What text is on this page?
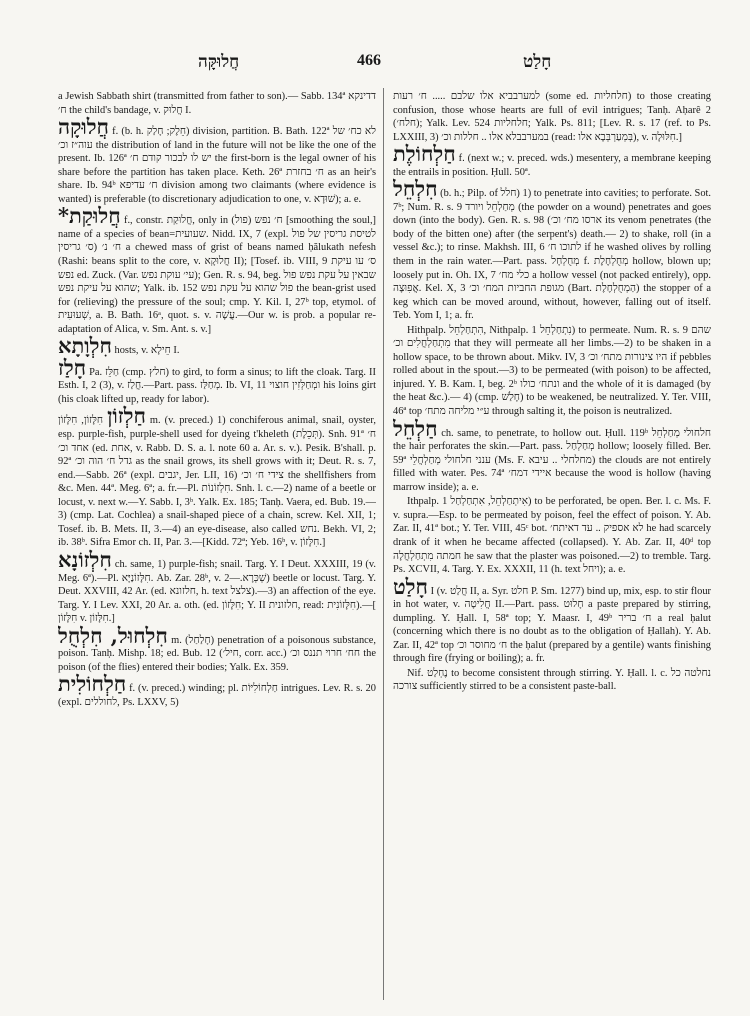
חֲלוּקָּה	466	חָלַט

a Jewish Sabbath shirt (transmitted from father to son).— Sabb. 134ª דדינקא ח׳ the child's bandage, v. חֲלוּק I.

חֲלוּקָה f. (b. h. חֵלֶק; חָלַק) division, partition. B. Bath. 122ª לא כח׳ של עוה״ז וכ׳ the distribution of land in the future will not be like the one of the present. Ib. 126ª יש לו לבכור קודם ח׳ the first-born is the legal owner of his share before the partition has taken place. Keth. 26ª ח׳ בחזרת as an heir's share. Ib. 94ᵇ ח׳ עדיפא division among two claimants (where evidence is wanted) is preferable (to discretionary adjudication to one, v. שׁוּדָא); a. e.

*חֲלוּקַת f., constr. חֲלוּקַת, only in ח׳ נפש (פול) [smoothing the soul,] name of a species of bean=שעועית. Nidd. IX, 7 (expl. לטיסת גריסין של פול ח׳ נ׳ (ס׳ גריסין a chewed mass of grist of beans named ḥălukath nefesh (Rashi: beans split to the core, v. חֲלוּקָא II); [Tosef. ib. VIII, 9 ס׳ עו עיקת נפש ed. Zuck. (Var. עי׳ עוקת נפש); Gen. R. s. 94, beg. שבאין על עקת נפש פול שהוא על עיקת נפש; Yalk. ib. 152 פול שהוא על עקת נפש the bean-grist used for (relieving) the pressure of the soul; cmp. Y. Kil. I, 27ᵇ top, etymol. of שְׁעוּעִית, a. B. Bath. 16ᵃ, quot. s. v. עֲשָׁה.—Our w. is prob. a popular re-adaptation of Alica, v. Sm. Ant. s. v.]

חִלְוָתָא hosts, v. חֵילָא I.

חָלַז Pa. חַלֵּז (cmp. חלץ) to gird, to form a sinus; to lift the cloak. Targ. II Esth. I, 2 (3), v. חֲלַז.—Part. pass. מְחַלַּז. Ib. VI, 11 ומְחַלְּזִין חוצוי his loins girt (his cloak lifted up, ready for labor).

חַלְזוֹן חִלָּזוֹן, חִלָּזוֹן m. (v. preced.) 1) conchiferous animal, snail, oyster, esp. purple-fish, purple-shell used for dyeing t'kheleth (תְּכֵלֶת). Snh. 91ª ח׳ אחד וכ׳ (ed. אחת, v. Rabb. D. S. a. l. note 60 a. Ar. s. v.). Pesik. B'shall. p. 92ª גדל ח׳ הוה וכ׳ as the snail grows, its shell grows with it; Deut. R. s. 7, end.—Sabb. 26ª (expl. יגבים, Jer. LII, 16) צידי ח׳ וכ׳ the shellfishers from &c. Men. 44ª. Meg. 6ª; a. fr.—Pl. חִלְזוֹנוֹת. Snh. l. c.—2) name of a beetle or locust, v. next w.—Y. Sabb. I, 3ᵇ. Yalk. Ex. 185; Tanḥ. Vaera, ed. Bub. 19.—3) (cmp. Lat. Cochlea) a snail-shaped piece of a chain, screw. Kel. XII, 1; Tosef. ib. B. Mets. II, 3.—4) an eye-disease, also called נחש. Bekh. VI, 2; ib. 38ᵇ. Sifra Emor ch. II, Par. 3.—[Kidd. 72ª; Yeb. 16ᵇ, v. חִלָּזוֹן.]

חִלְזוֹנָא ch. same, 1) purple-fish; snail. Targ. Y. I Deut. XXXIII, 19 (v. Meg. 6ª).—Pl. חִלָּזוֹנַיָּא. Ab. Zar. 28ᵇ, v. שְׁכְּרָא.—2) beetle or locust. Targ. Y. Deut. XXVIII, 42 Ar. (ed. חלזונא, h. text צלצל).—3) an affection of the eye. Targ. Y. I Lev. XXI, 20 Ar. a. oth. (ed. חִלָּזוֹן; Y. II חלזונית, read: חִלָּזוֹנִית).—[ חִלָּזוֹן v. חִלָּזוֹן.]

חִלְחוּל, חִלְחֻל m. (חָלַחַל) penetration of a poisonous substance, poison. Tanḥ. Mishp. 18; ed. Bub. 12 (חיל׳, corr. acc.) חח׳ חרוי תננס וכ׳ the poison (of the flies) entered their bodies; Yalk. Ex. 359.

חַלְחוֹלִית f. (v. preced.) winding; pl. חַלְחוֹלִיּוֹת intrigues. Lev. R. s. 20 (expl. לחוללים, Ps. LXXV, 5)

למערבביא אלו שלבם ..... ח׳ רעות (some ed. חלחליות) to those creating confusion, those whose hearts are full of evil intrigues; Tanḥ. Aḥarê 2 (חלח׳); Yalk. Lev. 524 חלחליות; Yalk. Ps. 811; [Lev. R. s. 17 (ref. to Ps. LXXIII, 3) במערבבלא אלו .. חללות וכ׳ (read: בְּמְעַרְבְּבָא אלו), v. חִלּוּלָה.]

חַלְחוֹלֶת f. (next w.; v. preced. wds.) mesentery, a membrane keeping the entrails in position. Ḥull. 50ª.

חִלְחֵל (b. h.; Pilp. of חלל) 1) to penetrate into cavities; to perforate. Sot. 7ᵇ; Num. R. s. 9 מְחַלְחֵל ויורד (the powder on a wound) penetrates and goes down (into the body). Gen. R. s. 98 (ארסו מח׳ וכ׳ its venom penetrates (the body of the bitten one) after (the serpent's) death.— 2) to shake, roll (in a vessel &c.); to rinse. Makhsh. III, 6 לתוכו ח׳ if he washed olives by rolling them in the rain water.—Part. pass. מְחֻלְחָל f. מְחֻלְחֶלֶת hollow, blown up; loosely put in. Oh. IX, 7 כלי מח׳ a hollow vessel (not packed entirely), opp. אֲפִוּצָה. Kel. X, 3 מגופת החביות המח׳ וכ׳ (Bart. הַמְחֻלְחֶלֶת) the stopper of a keg which can be moved around, without, however, falling out of itself. Teb. Yom I, 1; a. fr.

Hithpalp. הִתְחַלְחֵל, Nithpalp. נִתְחַלְחֵל 1) to permeate. Num. R. s. 9 שהם מִתְחַלְחֲלִים וכ׳ that they will permeate all her limbs.—2) to be shaken in a hollow space, to be thrown about. Mikv. IV, 3 היו צינורות מתח׳ וכ׳ if pebbles rolled about in the spout.—3) to be permeated (with poison) to be affected, injured. Y. B. Kam. I, beg. 2ᵇ ונתח׳ כולו and the whole of it is damaged (by the heat &c.).— 4) (cmp. חָלַשׁ) to be weakened, be neutralized. Y. Ter. VIII, 46ª top ע״י מליחה מתח׳ through salting it, the poison is neutralized.

חַלְחֵל ch. same, to penetrate, to hollow out. Ḥull. 119ᵇ חלחולי מְחַלְחֵל the hair perforates the skin.—Part. pass. מְחַלְחַל hollow; loosely filled. Ber. 59ª ענני חלחולי מְחַלְחֲלֵי (Ms. F. מחלחלי .. עיבא) the clouds are not entirely filled with water. Pes. 74ª איידי דמח׳ because the wood is hollow (having marrow inside); a. e.

Ithpalp. אִיתְחַלְחֵל, אִתְחַלְחַל 1) to be perforated, be open. Ber. l. c. Ms. F. v. supra.—Esp. to be permeated by poison, feel the effect of poison. Y. Ab. Zar. II, 41ª bot.; Y. Ter. VIII, 45ᶜ bot. לא אספיק .. עד דאיתח׳ he had scarcely drank of it when he became affected (collapsed). Y. Ab. Zar. II, 40ᵈ top חמתה מִתְחַלְחֲלָה he saw that the plaster was poisoned.—2) to tremble. Targ. Ps. XCVII, 4. Targ. Y. Ex. XXXII, 11 (h. text ויחל); a. e.

חָלַט I (v. חֲלַט II, a. Syr. חלט P. Sm. 1277) bind up, mix, esp. to stir flour in hot water, v. חֲלִיטָה II.—Part. pass. חָלוּט a paste prepared by stirring, dumpling. Y. Ḥall. I, 58ª top; Y. Maasr. I, 49ᵇ ח׳ בריר a real ḥalut (concerning which there is no doubt as to the obligation of Ḥallah). Y. Ab. Zar. II, 42ª top ח׳ מחוסר וכ׳ the ḥalut (prepared by a gentile) wants finishing through fire (frying or boiling); a. fr.

Nif. נֶחְלַט to become consistent through stirring. Y. Ḥall. l. c. נחלטה כל צורכה sufficiently stirred to be a consistent paste-ball.
